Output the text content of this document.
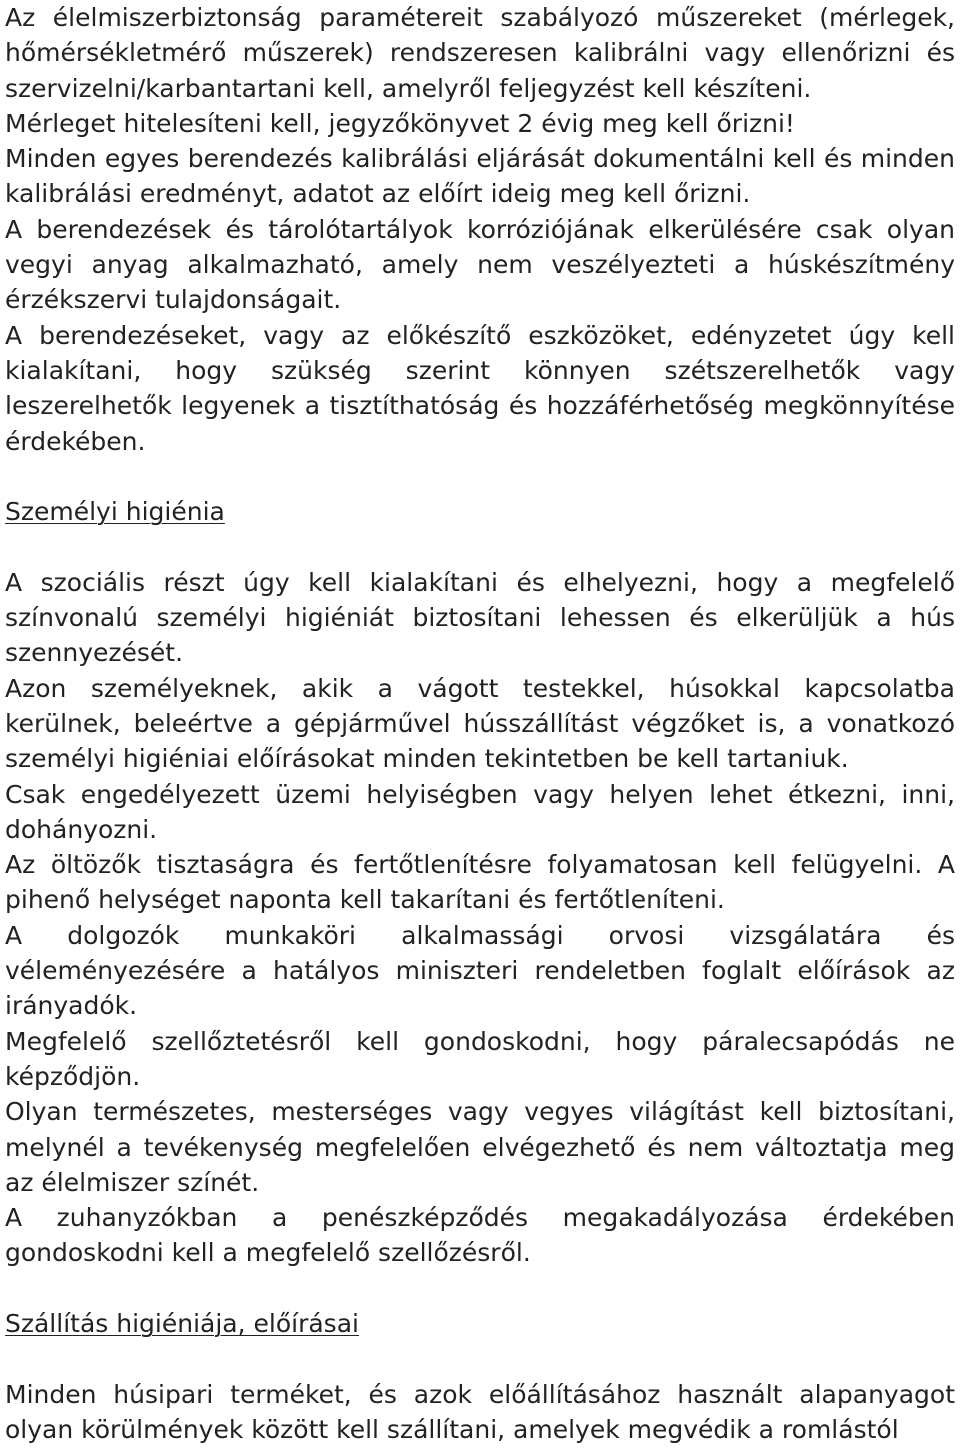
Az élelmiszerbiztonság paramétereit szabályozó műszereket (mérlegek, hőmérsékletmérő műszerek) rendszeresen kalibrálni vagy ellenőrizni és szervizelni/karbantartani kell, amelyről feljegyzést kell készíteni.

Mérleget hitelesíteni kell, jegyzőkönyvet 2 évig meg kell őrizni!

Minden egyes berendezés kalibrálási eljárását dokumentálni kell és minden kalibrálási eredményt, adatot az előírt ideig meg kell őrizni.

A berendezések és tárolótartályok korróziójának elkerülésére csak olyan vegyi anyag alkalmazható, amely nem veszélyezteti a húskészítmény érzékszervi tulajdonságait.

A berendezéseket, vagy az előkészítő eszközöket, edényzetet úgy kell kialakítani, hogy szükség szerint könnyen szétszerelhetők vagy leszerelhetők legyenek a tisztíthatóság és hozzáférhetőség megkönnyítése érdekében.

Személyi higiénia

A szociális részt úgy kell kialakítani és elhelyezni, hogy a megfelelő színvonalú személyi higiéniát biztosítani lehessen és elkerüljük a hús szennyezését.

Azon személyeknek, akik a vágott testekkel, húsokkal kapcsolatba kerülnek, beleértve a gépjárművel hússzállítást végzőket is, a vonatkozó személyi higiéniai előírásokat minden tekintetben be kell tartaniuk.

Csak engedélyezett üzemi helyiségben vagy helyen lehet étkezni, inni, dohányozni.

Az öltözők tisztaságra és fertőtlenítésre folyamatosan kell felügyelni. A pihenő helységet naponta kell takarítani és fertőtleníteni.

A dolgozók munkaköri alkalmassági orvosi vizsgálatára és véleményezésére a hatályos miniszteri rendeletben foglalt előírások az irányadók.

Megfelelő szellőztetésről kell gondoskodni, hogy páralecsapódás ne képződjön.

Olyan természetes, mesterséges vagy vegyes világítást kell biztosítani, melynél a tevékenység megfelelően elvégezhető és nem változtatja meg az élelmiszer színét.

A zuhanyzókban a penészképződés megakadályozása érdekében gondoskodni kell a megfelelő szellőzésről.

Szállítás higiéniája, előírásai

Minden húsipari terméket, és azok előállításához használt alapanyagot olyan körülmények között kell szállítani, amelyek megvédik a romlástól
